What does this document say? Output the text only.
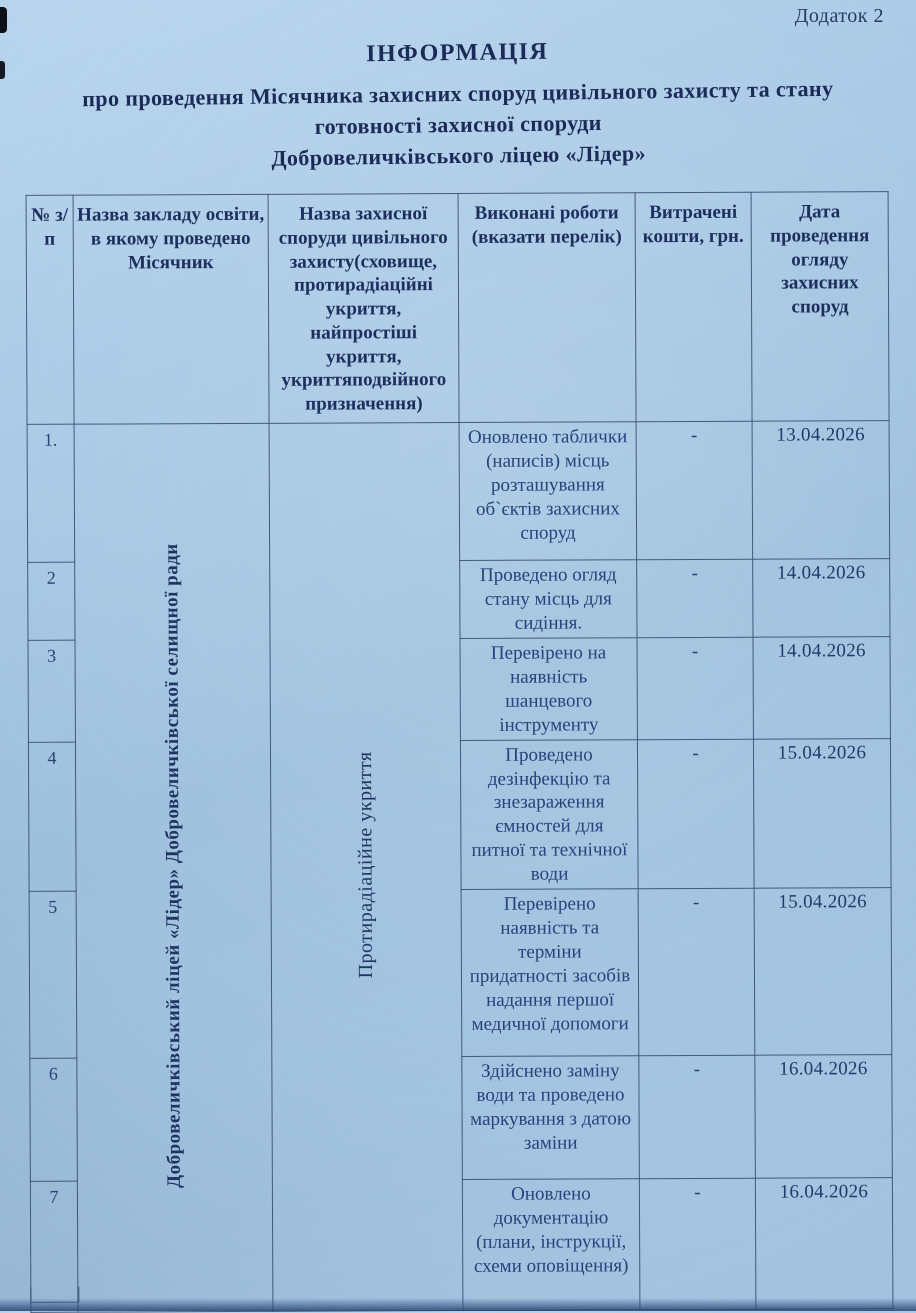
Додаток 2

ІНФОРМАЦІЯ

про проведення Місячника захисних споруд цивільного захисту та стану
готовності захисної споруди
Добровеличківського ліцею «Лідер»

№ з/п	Назва закладу освіти, в якому проведено Місячник	Назва захисної споруди цивільного захисту(сховище, протирадіаційні укриття, найпростіші укриття, укриттяподвійного призначення)	Виконані роботи (вказати перелік)	Витрачені кошти, грн.	Дата проведення огляду захисних споруд
1.	Добровеличківський ліцей «Лідер» Добровеличківської селищної ради	Протирадіаційне укриття	Оновлено таблички (написів) місць розташування об`єктів захисних споруд	-	13.04.2026
2			Проведено огляд стану місць для сидіння.	-	14.04.2026
3			Перевірено на наявність шанцевого інструменту	-	14.04.2026
4			Проведено дезінфекцію та знезараження ємностей для питної та технічної води	-	15.04.2026
5			Перевірено наявність та терміни придатності засобів надання першої медичної допомоги	-	15.04.2026
6			Здійснено заміну води та проведено маркування з датою заміни	-	16.04.2026
7			Оновлено документацію (плани, інструкції, схеми оповіщення)	-	16.04.2026
